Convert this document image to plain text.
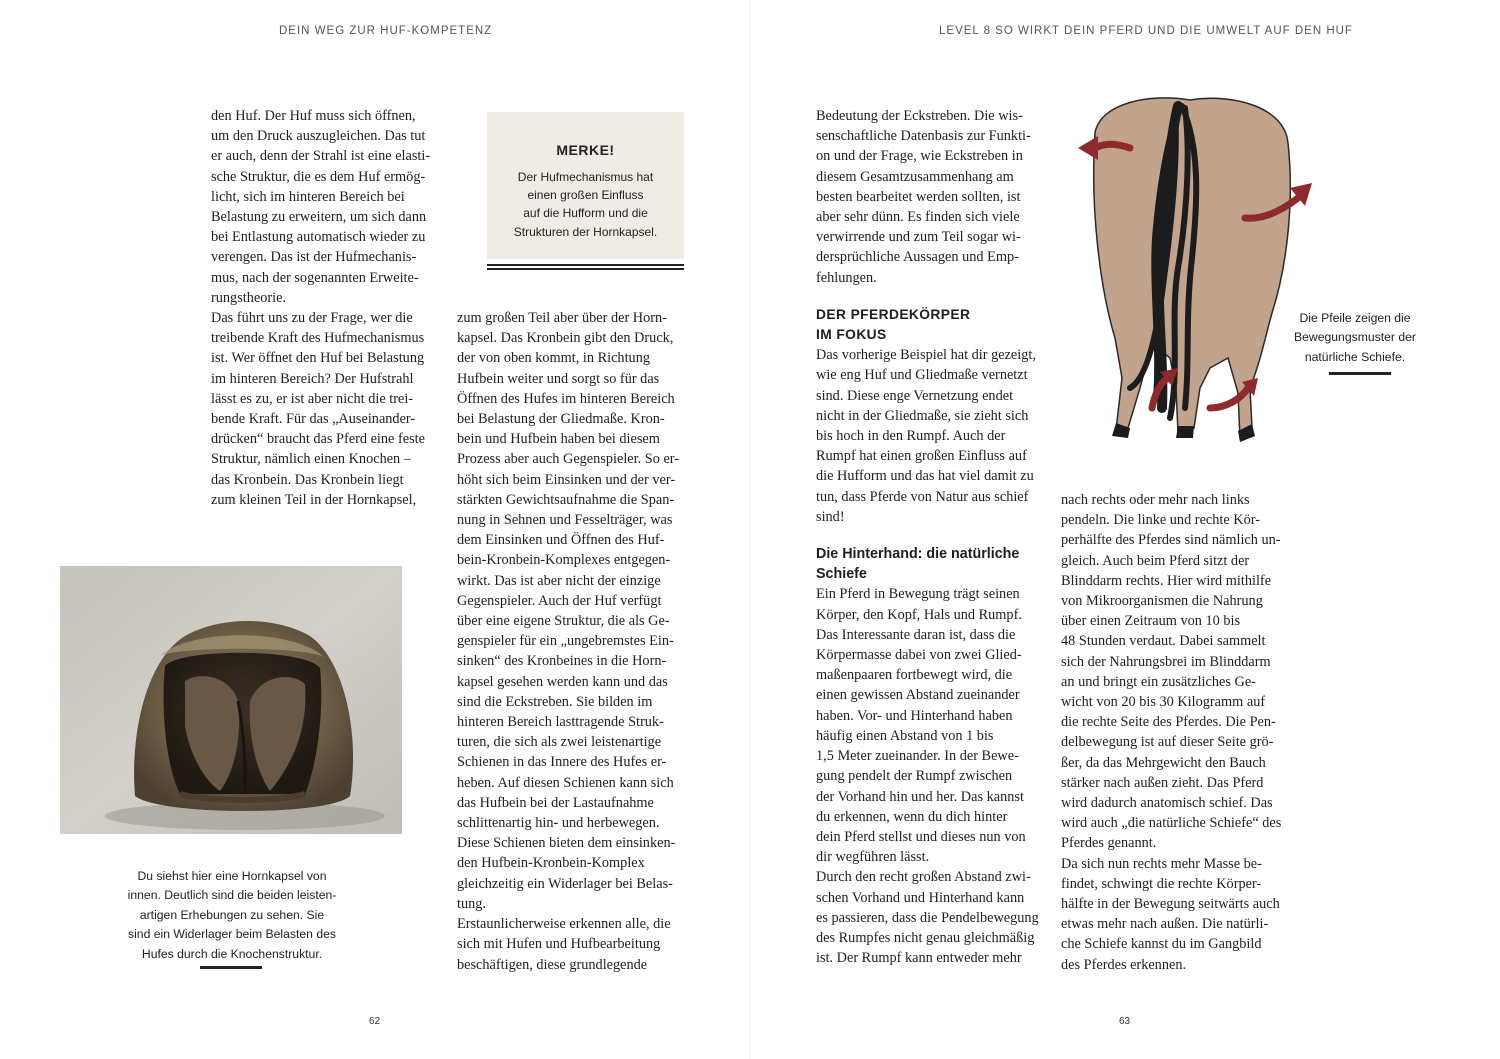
DEIN WEG ZUR HUF-KOMPETENZ
den Huf. Der Huf muss sich öffnen,
um den Druck auszugleichen. Das tut
er auch, denn der Strahl ist eine elasti-
sche Struktur, die es dem Huf ermög-
licht, sich im hinteren Bereich bei
Belastung zu erweitern, um sich dann
bei Entlastung automatisch wieder zu
verengen. Das ist der Hufmechanis-
mus, nach der sogenannten Erweite-
rungstheorie.
Das führt uns zu der Frage, wer die
treibende Kraft des Hufmechanismus
ist. Wer öffnet den Huf bei Belastung
im hinteren Bereich? Der Hufstrahl
lässt es zu, er ist aber nicht die trei-
bende Kraft. Für das „Auseinander-
drücken“ braucht das Pferd eine feste
Struktur, nämlich einen Knochen –
das Kronbein. Das Kronbein liegt
zum kleinen Teil in der Hornkapsel,
MERKE!
Der Hufmechanismus hat
einen großen Einfluss
auf die Hufform und die
Strukturen der Hornkapsel.
zum großen Teil aber über der Horn-
kapsel. Das Kronbein gibt den Druck,
der von oben kommt, in Richtung
Hufbein weiter und sorgt so für das
Öffnen des Hufes im hinteren Bereich
bei Belastung der Gliedmaße. Kron-
bein und Hufbein haben bei diesem
Prozess aber auch Gegenspieler. So er-
höht sich beim Einsinken und der ver-
stärkten Gewichtsaufnahme die Span-
nung in Sehnen und Fesselträger, was
dem Einsinken und Öffnen des Huf-
bein-Kronbein-Komplexes entgegen-
wirkt. Das ist aber nicht der einzige
Gegenspieler. Auch der Huf verfügt
über eine eigene Struktur, die als Ge-
genspieler für ein „ungebremstes Ein-
sinken“ des Kronbeines in die Horn-
kapsel gesehen werden kann und das
sind die Eckstreben. Sie bilden im
hinteren Bereich lasttragende Struk-
turen, die sich als zwei leistenartige
Schienen in das Innere des Hufes er-
heben. Auf diesen Schienen kann sich
das Hufbein bei der Lastaufnahme
schlittenartig hin- und herbewegen.
Diese Schienen bieten dem einsinken-
den Hufbein-Kronbein-Komplex
gleichzeitig ein Widerlager bei Belas-
tung.
Erstaunlicherweise erkennen alle, die
sich mit Hufen und Hufbearbeitung
beschäftigen, diese grundlegende
Du siehst hier eine Hornkapsel von
innen. Deutlich sind die beiden leisten-
artigen Erhebungen zu sehen. Sie
sind ein Widerlager beim Belasten des
Hufes durch die Knochenstruktur.
62
LEVEL 8 SO WIRKT DEIN PFERD UND DIE UMWELT AUF DEN HUF
Bedeutung der Eckstreben. Die wis-
senschaftliche Datenbasis zur Funkti-
on und der Frage, wie Eckstreben in
diesem Gesamtzusammenhang am
besten bearbeitet werden sollten, ist
aber sehr dünn. Es finden sich viele
verwirrende und zum Teil sogar wi-
dersprüchliche Aussagen und Emp-
fehlungen.
DER PFERDEKÖRPER
IM FOKUS
Das vorherige Beispiel hat dir gezeigt,
wie eng Huf und Gliedmaße vernetzt
sind. Diese enge Vernetzung endet
nicht in der Gliedmaße, sie zieht sich
bis hoch in den Rumpf. Auch der
Rumpf hat einen großen Einfluss auf
die Hufform und das hat viel damit zu
tun, dass Pferde von Natur aus schief
sind!
Die Hinterhand: die natürliche
Schiefe
Ein Pferd in Bewegung trägt seinen
Körper, den Kopf, Hals und Rumpf.
Das Interessante daran ist, dass die
Körpermasse dabei von zwei Glied-
maßenpaaren fortbewegt wird, die
einen gewissen Abstand zueinander
haben. Vor- und Hinterhand haben
häufig einen Abstand von 1 bis
1,5 Meter zueinander. In der Bewe-
gung pendelt der Rumpf zwischen
der Vorhand hin und her. Das kannst
du erkennen, wenn du dich hinter
dein Pferd stellst und dieses nun von
dir wegführen lässt.
Durch den recht großen Abstand zwi-
schen Vorhand und Hinterhand kann
es passieren, dass die Pendelbewegung
des Rumpfes nicht genau gleichmäßig
ist. Der Rumpf kann entweder mehr
Die Pfeile zeigen die
Bewegungsmuster der
natürliche Schiefe.
nach rechts oder mehr nach links
pendeln. Die linke und rechte Kör-
perhälfte des Pferdes sind nämlich un-
gleich. Auch beim Pferd sitzt der
Blinddarm rechts. Hier wird mithilfe
von Mikroorganismen die Nahrung
über einen Zeitraum von 10 bis
48 Stunden verdaut. Dabei sammelt
sich der Nahrungsbrei im Blinddarm
an und bringt ein zusätzliches Ge-
wicht von 20 bis 30 Kilogramm auf
die rechte Seite des Pferdes. Die Pen-
delbewegung ist auf dieser Seite grö-
ßer, da das Mehrgewicht den Bauch
stärker nach außen zieht. Das Pferd
wird dadurch anatomisch schief. Das
wird auch „die natürliche Schiefe“ des
Pferdes genannt.
Da sich nun rechts mehr Masse be-
findet, schwingt die rechte Körper-
hälfte in der Bewegung seitwärts auch
etwas mehr nach außen. Die natürli-
che Schiefe kannst du im Gangbild
des Pferdes erkennen.
63
